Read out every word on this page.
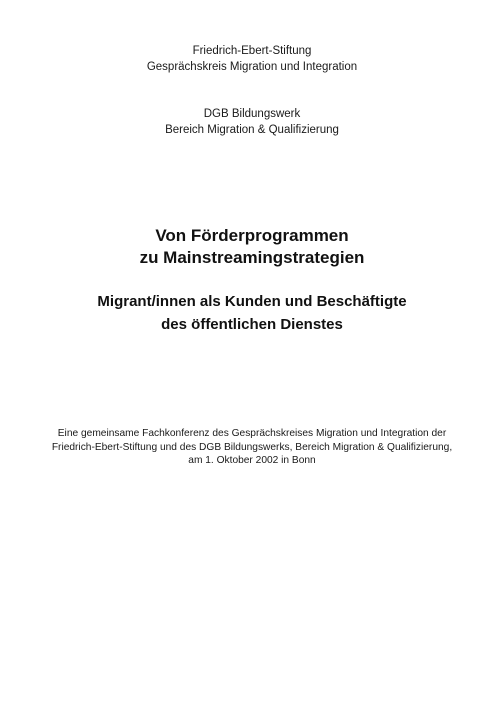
Friedrich-Ebert-Stiftung
Gesprächskreis Migration und Integration
DGB Bildungswerk
Bereich Migration & Qualifizierung
Von Förderprogrammen
zu Mainstreamingstrategien
Migrant/innen als Kunden und Beschäftigte
des öffentlichen Dienstes
Eine gemeinsame Fachkonferenz des Gesprächskreises Migration und Integration der
Friedrich-Ebert-Stiftung und des DGB Bildungswerks, Bereich Migration & Qualifizierung,
am 1. Oktober 2002 in Bonn
